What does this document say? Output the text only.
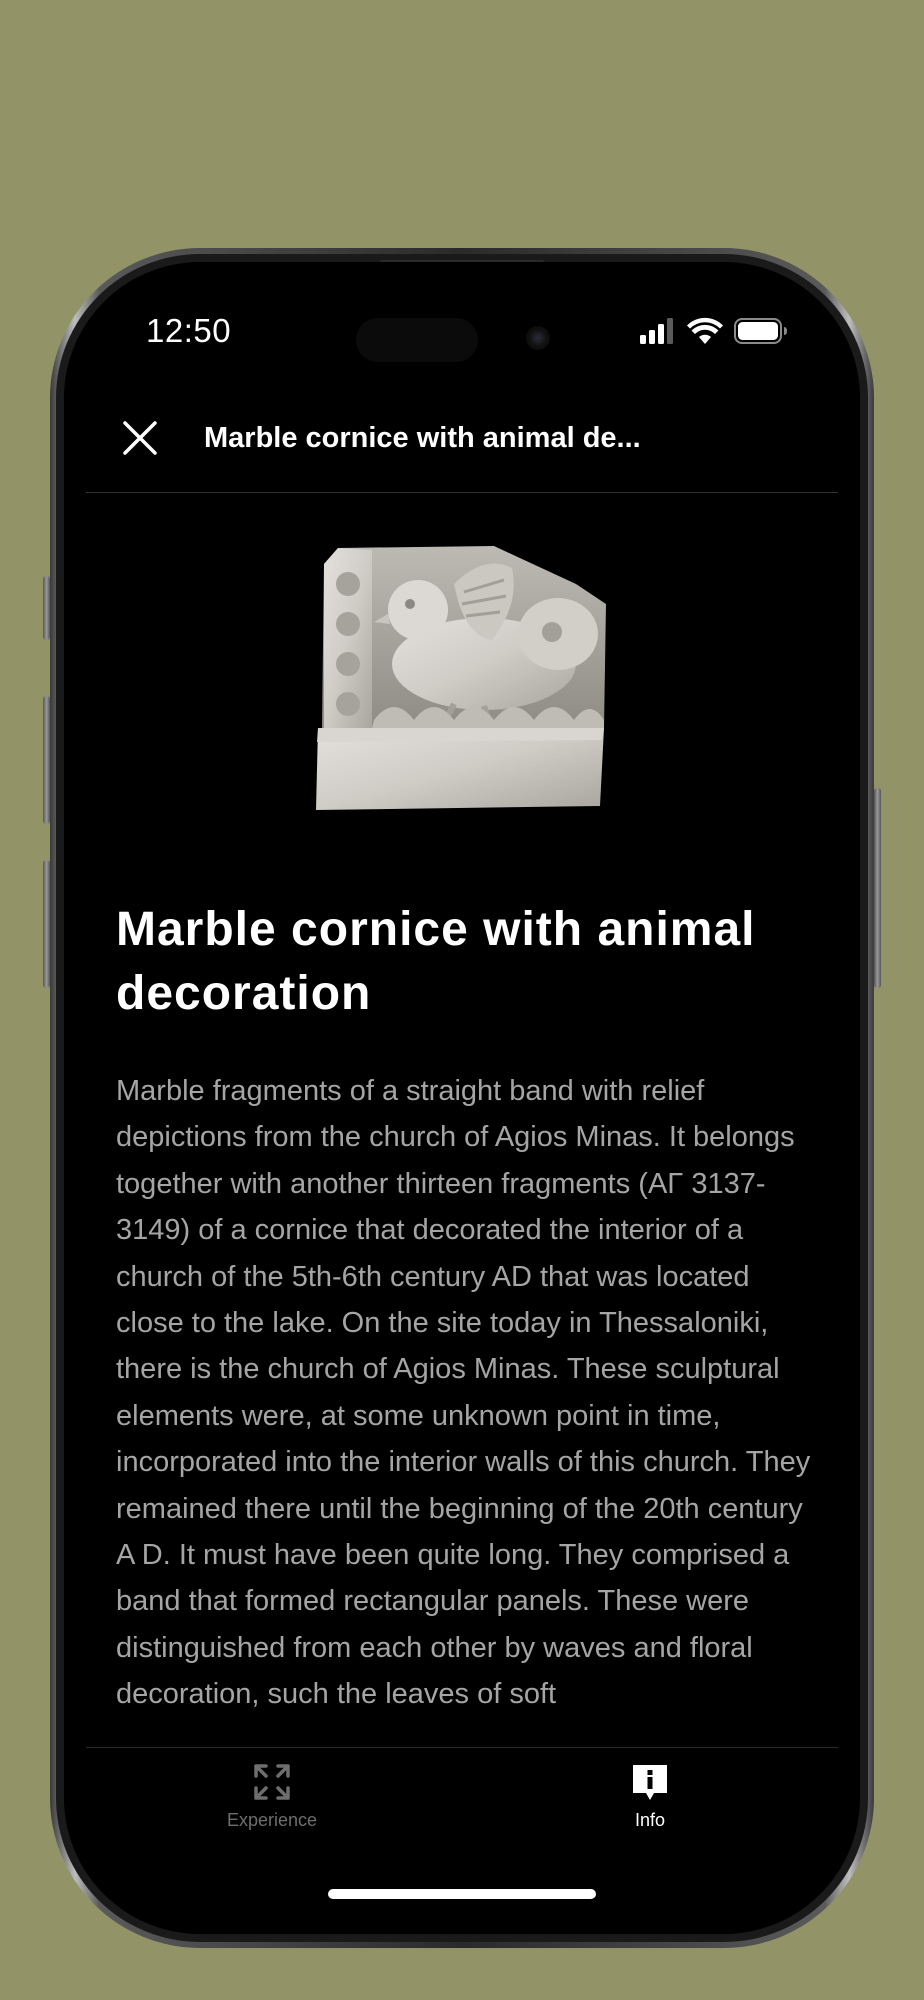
12:50
Marble cornice with animal de...
Marble cornice with animal decoration
Marble fragments of a straight band with relief depictions from the church of Agios Minas. It belongs together with another thirteen fragments (ΑΓ 3137-3149) of a cornice that decorated the interior of a church of the 5th-6th century AD that was located close to the lake. On the site today in Thessaloniki, there is the church of Agios Minas. These sculptural elements were, at some unknown point in time, incorporated into the interior walls of this church. They remained there until the beginning of the 20th century A D. It must have been quite long. They comprised a band that formed rectangular panels. These were distinguished from each other by waves and floral decoration, such the leaves of soft
Experience	Info
